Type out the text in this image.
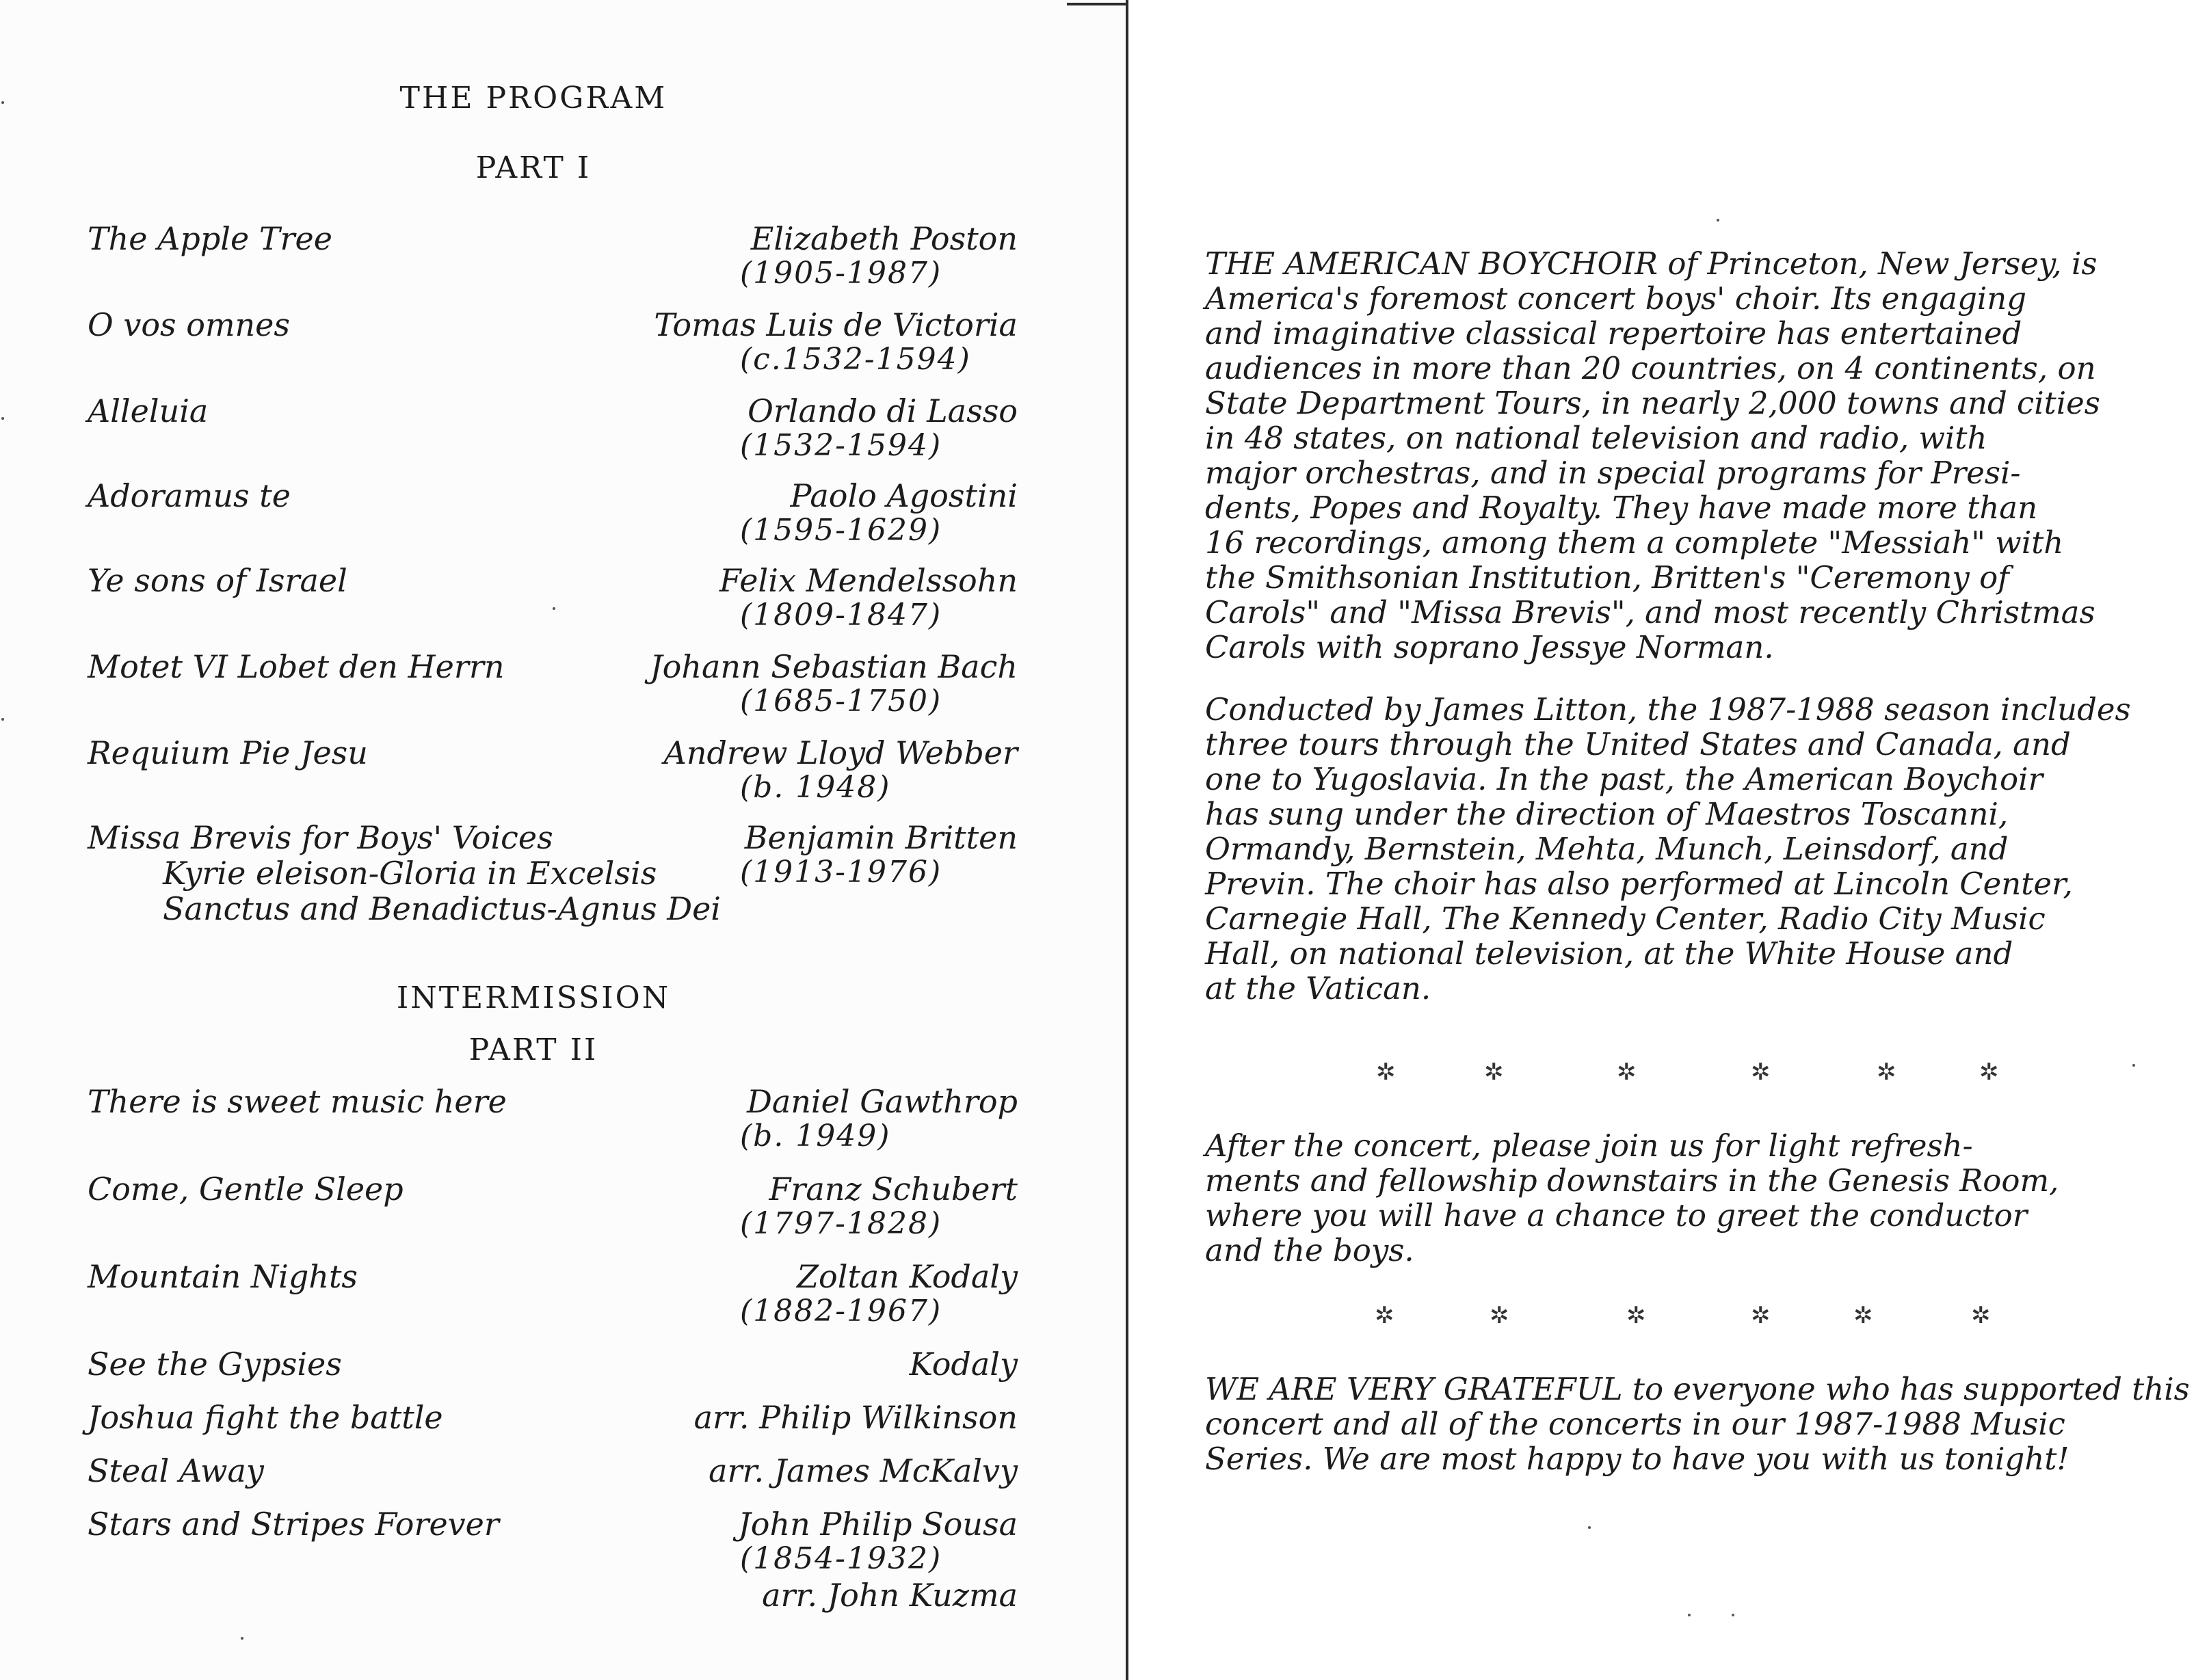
THE PROGRAM
PART I
The Apple Tree	Elizabeth Poston
(1905-1987)
O vos omnes	Tomas Luis de Victoria
(c.1532-1594)
Alleluia	Orlando di Lasso
(1532-1594)
Adoramus te	Paolo Agostini
(1595-1629)
Ye sons of Israel	Felix Mendelssohn
(1809-1847)
Motet VI Lobet den Herrn	Johann Sebastian Bach
(1685-1750)
Requium Pie Jesu	Andrew Lloyd Webber
(b. 1948)
Missa Brevis for Boys' Voices	Benjamin Britten
(1913-1976)
Kyrie eleison-Gloria in Excelsis
Sanctus and Benadictus-Agnus Dei
INTERMISSION
PART II
There is sweet music here	Daniel Gawthrop
(b. 1949)
Come, Gentle Sleep	Franz Schubert
(1797-1828)
Mountain Nights	Zoltan Kodaly
(1882-1967)
See the Gypsies	Kodaly
Joshua fight the battle	arr. Philip Wilkinson
Steal Away	arr. James McKalvy
Stars and Stripes Forever	John Philip Sousa
(1854-1932)
arr. John Kuzma
THE AMERICAN BOYCHOIR of Princeton, New Jersey, is
America's foremost concert boys' choir. Its engaging
and imaginative classical repertoire has entertained
audiences in more than 20 countries, on 4 continents, on
State Department Tours, in nearly 2,000 towns and cities
in 48 states, on national television and radio, with
major orchestras, and in special programs for Presi-
dents, Popes and Royalty. They have made more than
16 recordings, among them a complete "Messiah" with
the Smithsonian Institution, Britten's "Ceremony of
Carols" and "Missa Brevis", and most recently Christmas
Carols with soprano Jessye Norman.
Conducted by James Litton, the 1987-1988 season includes
three tours through the United States and Canada, and
one to Yugoslavia. In the past, the American Boychoir
has sung under the direction of Maestros Toscanni,
Ormandy, Bernstein, Mehta, Munch, Leinsdorf, and
Previn. The choir has also performed at Lincoln Center,
Carnegie Hall, The Kennedy Center, Radio City Music
Hall, on national television, at the White House and
at the Vatican.
✲	✲	✲	✲	✲	✲
After the concert, please join us for light refresh-
ments and fellowship downstairs in the Genesis Room,
where you will have a chance to greet the conductor
and the boys.
✲	✲	✲	✲	✲	✲
WE ARE VERY GRATEFUL to everyone who has supported this
concert and all of the concerts in our 1987-1988 Music
Series. We are most happy to have you with us tonight!
